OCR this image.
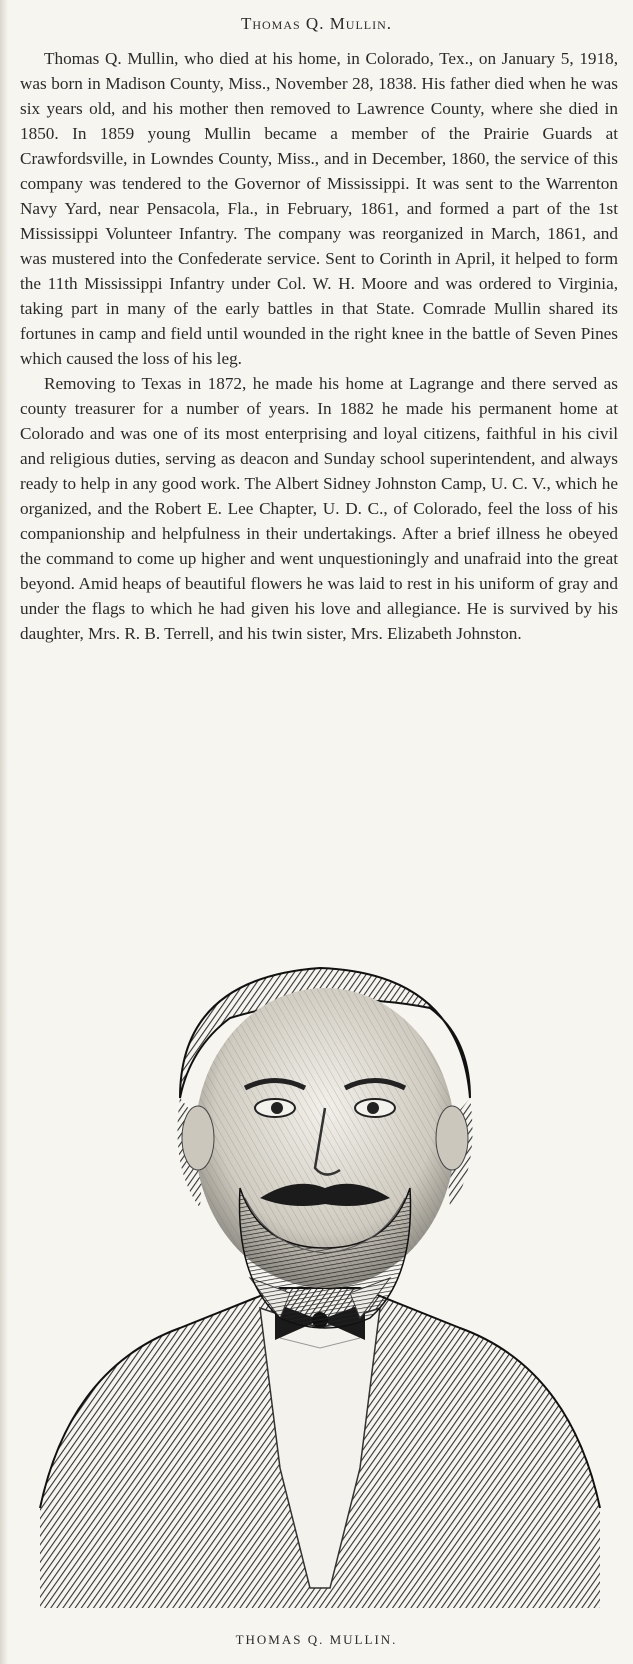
Thomas Q. Mullin.

Thomas Q. Mullin, who died at his home, in Colorado, Tex., on January 5, 1918, was born in Madison County, Miss., November 28, 1838. His father died when he was six years old, and his mother then removed to Lawrence County, where she died in 1850. In 1859 young Mullin became a member of the Prairie Guards at Crawfordsville, in Lowndes County, Miss., and in December, 1860, the service of this company was tendered to the Governor of Mississippi. It was sent to the Warrenton Navy Yard, near Pensacola, Fla., in February, 1861, and formed a part of the 1st Mississippi Volunteer Infantry. The company was reorganized in March, 1861, and was mustered into the Confederate service. Sent to Corinth in April, it helped to form the 11th Mississippi Infantry under Col. W. H. Moore and was ordered to Virginia, taking part in many of the early battles in that State. Comrade Mullin shared its fortunes in camp and field until wounded in the right knee in the battle of Seven Pines which caused the loss of his leg.

Removing to Texas in 1872, he made his home at Lagrange and there served as county treasurer for a number of years. In 1882 he made his permanent home at Colorado and was one of its most enterprising and loyal citizens, faithful in his civil and religious duties, serving as deacon and Sunday school superintendent, and always ready to help in any good work. The Albert Sidney Johnston Camp, U. C. V., which he organized, and the Robert E. Lee Chapter, U. D. C., of Colorado, feel the loss of his companionship and helpfulness in their undertakings. After a brief illness he obeyed the command to come up higher and went unquestioningly and unafraid into the great beyond. Amid heaps of beautiful flowers he was laid to rest in his uniform of gray and under the flags to which he had given his love and allegiance. He is survived by his daughter, Mrs. R. B. Terrell, and his twin sister, Mrs. Elizabeth Johnston.

THOMAS Q. MULLIN.
